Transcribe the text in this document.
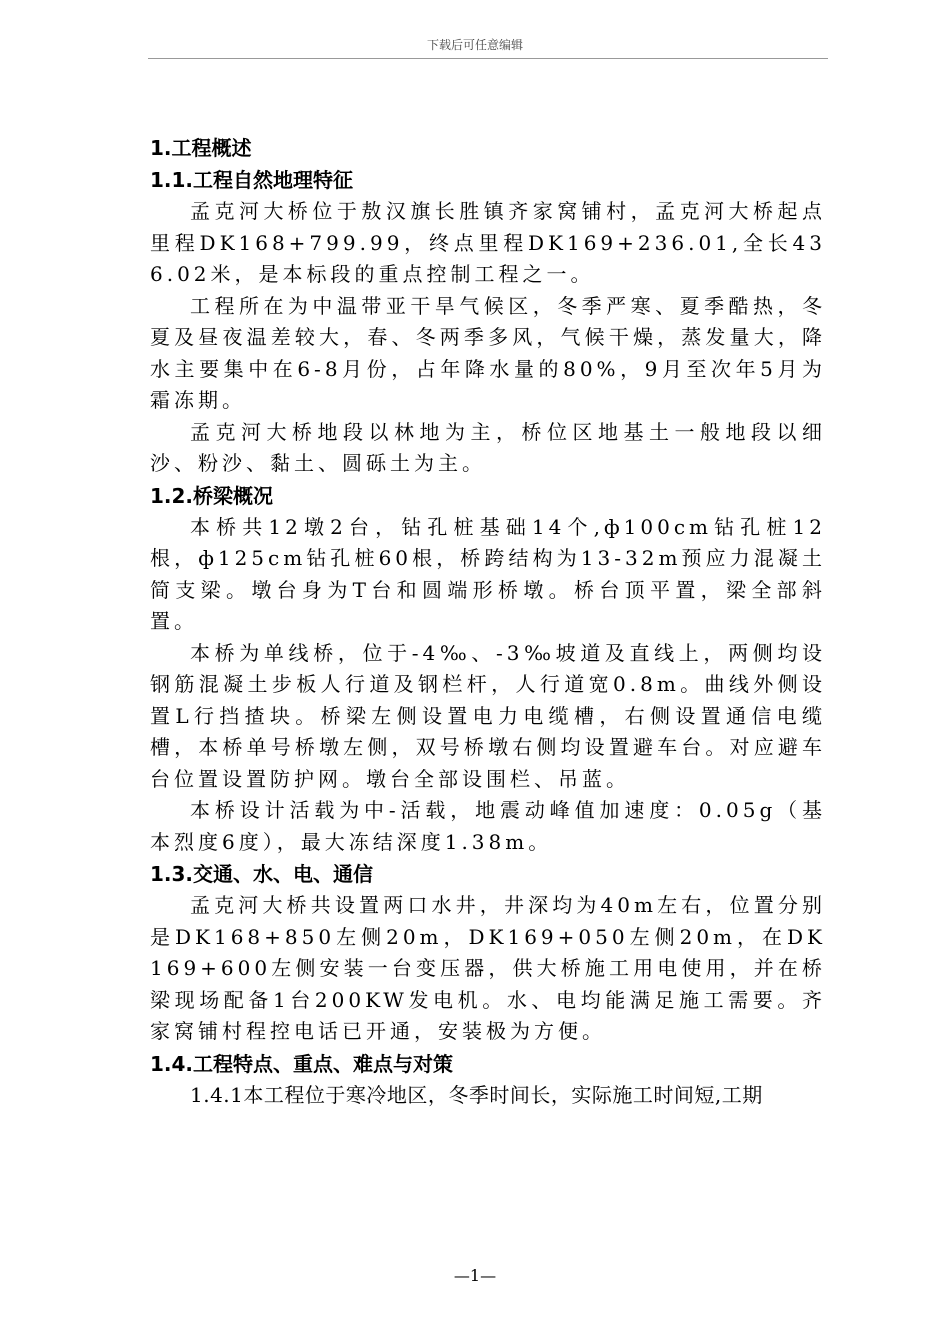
下载后可任意编辑

1.工程概述

1.1.工程自然地理特征

孟克河大桥位于敖汉旗长胜镇齐家窝铺村，孟克河大桥起点里程DK168+799.99，终点里程DK169+236.01,全长436.02米，是本标段的重点控制工程之一。

工程所在为中温带亚干旱气候区，冬季严寒、夏季酷热，冬夏及昼夜温差较大，春、冬两季多风，气候干燥，蒸发量大，降水主要集中在6-8月份，占年降水量的80%，9月至次年5月为霜冻期。

孟克河大桥地段以林地为主，桥位区地基土一般地段以细沙、粉沙、黏土、圆砾土为主。

1.2.桥梁概况

本桥共12墩2台，钻孔桩基础14个,ф100cm钻孔桩12根，ф125cm钻孔桩60根，桥跨结构为13-32m预应力混凝土简支梁。墩台身为T台和圆端形桥墩。桥台顶平置，梁全部斜置。

本桥为单线桥，位于-4‰、-3‰坡道及直线上，两侧均设钢筋混凝土步板人行道及钢栏杆，人行道宽0.8m。曲线外侧设置L行挡揸块。桥梁左侧设置电力电缆槽，右侧设置通信电缆槽，本桥单号桥墩左侧，双号桥墩右侧均设置避车台。对应避车台位置设置防护网。墩台全部设围栏、吊蓝。

本桥设计活载为中-活载，地震动峰值加速度：0.05g（基本烈度6度），最大冻结深度1.38m。

1.3.交通、水、电、通信

孟克河大桥共设置两口水井，井深均为40m左右，位置分别是DK168+850左侧20m，DK169+050左侧20m，在DK169+600左侧安装一台变压器，供大桥施工用电使用，并在桥梁现场配备1台200KW发电机。水、电均能满足施工需要。齐家窝铺村程控电话已开通，安装极为方便。

1.4.工程特点、重点、难点与对策

1.4.1本工程位于寒冷地区，冬季时间长，实际施工时间短,工期

—1—
